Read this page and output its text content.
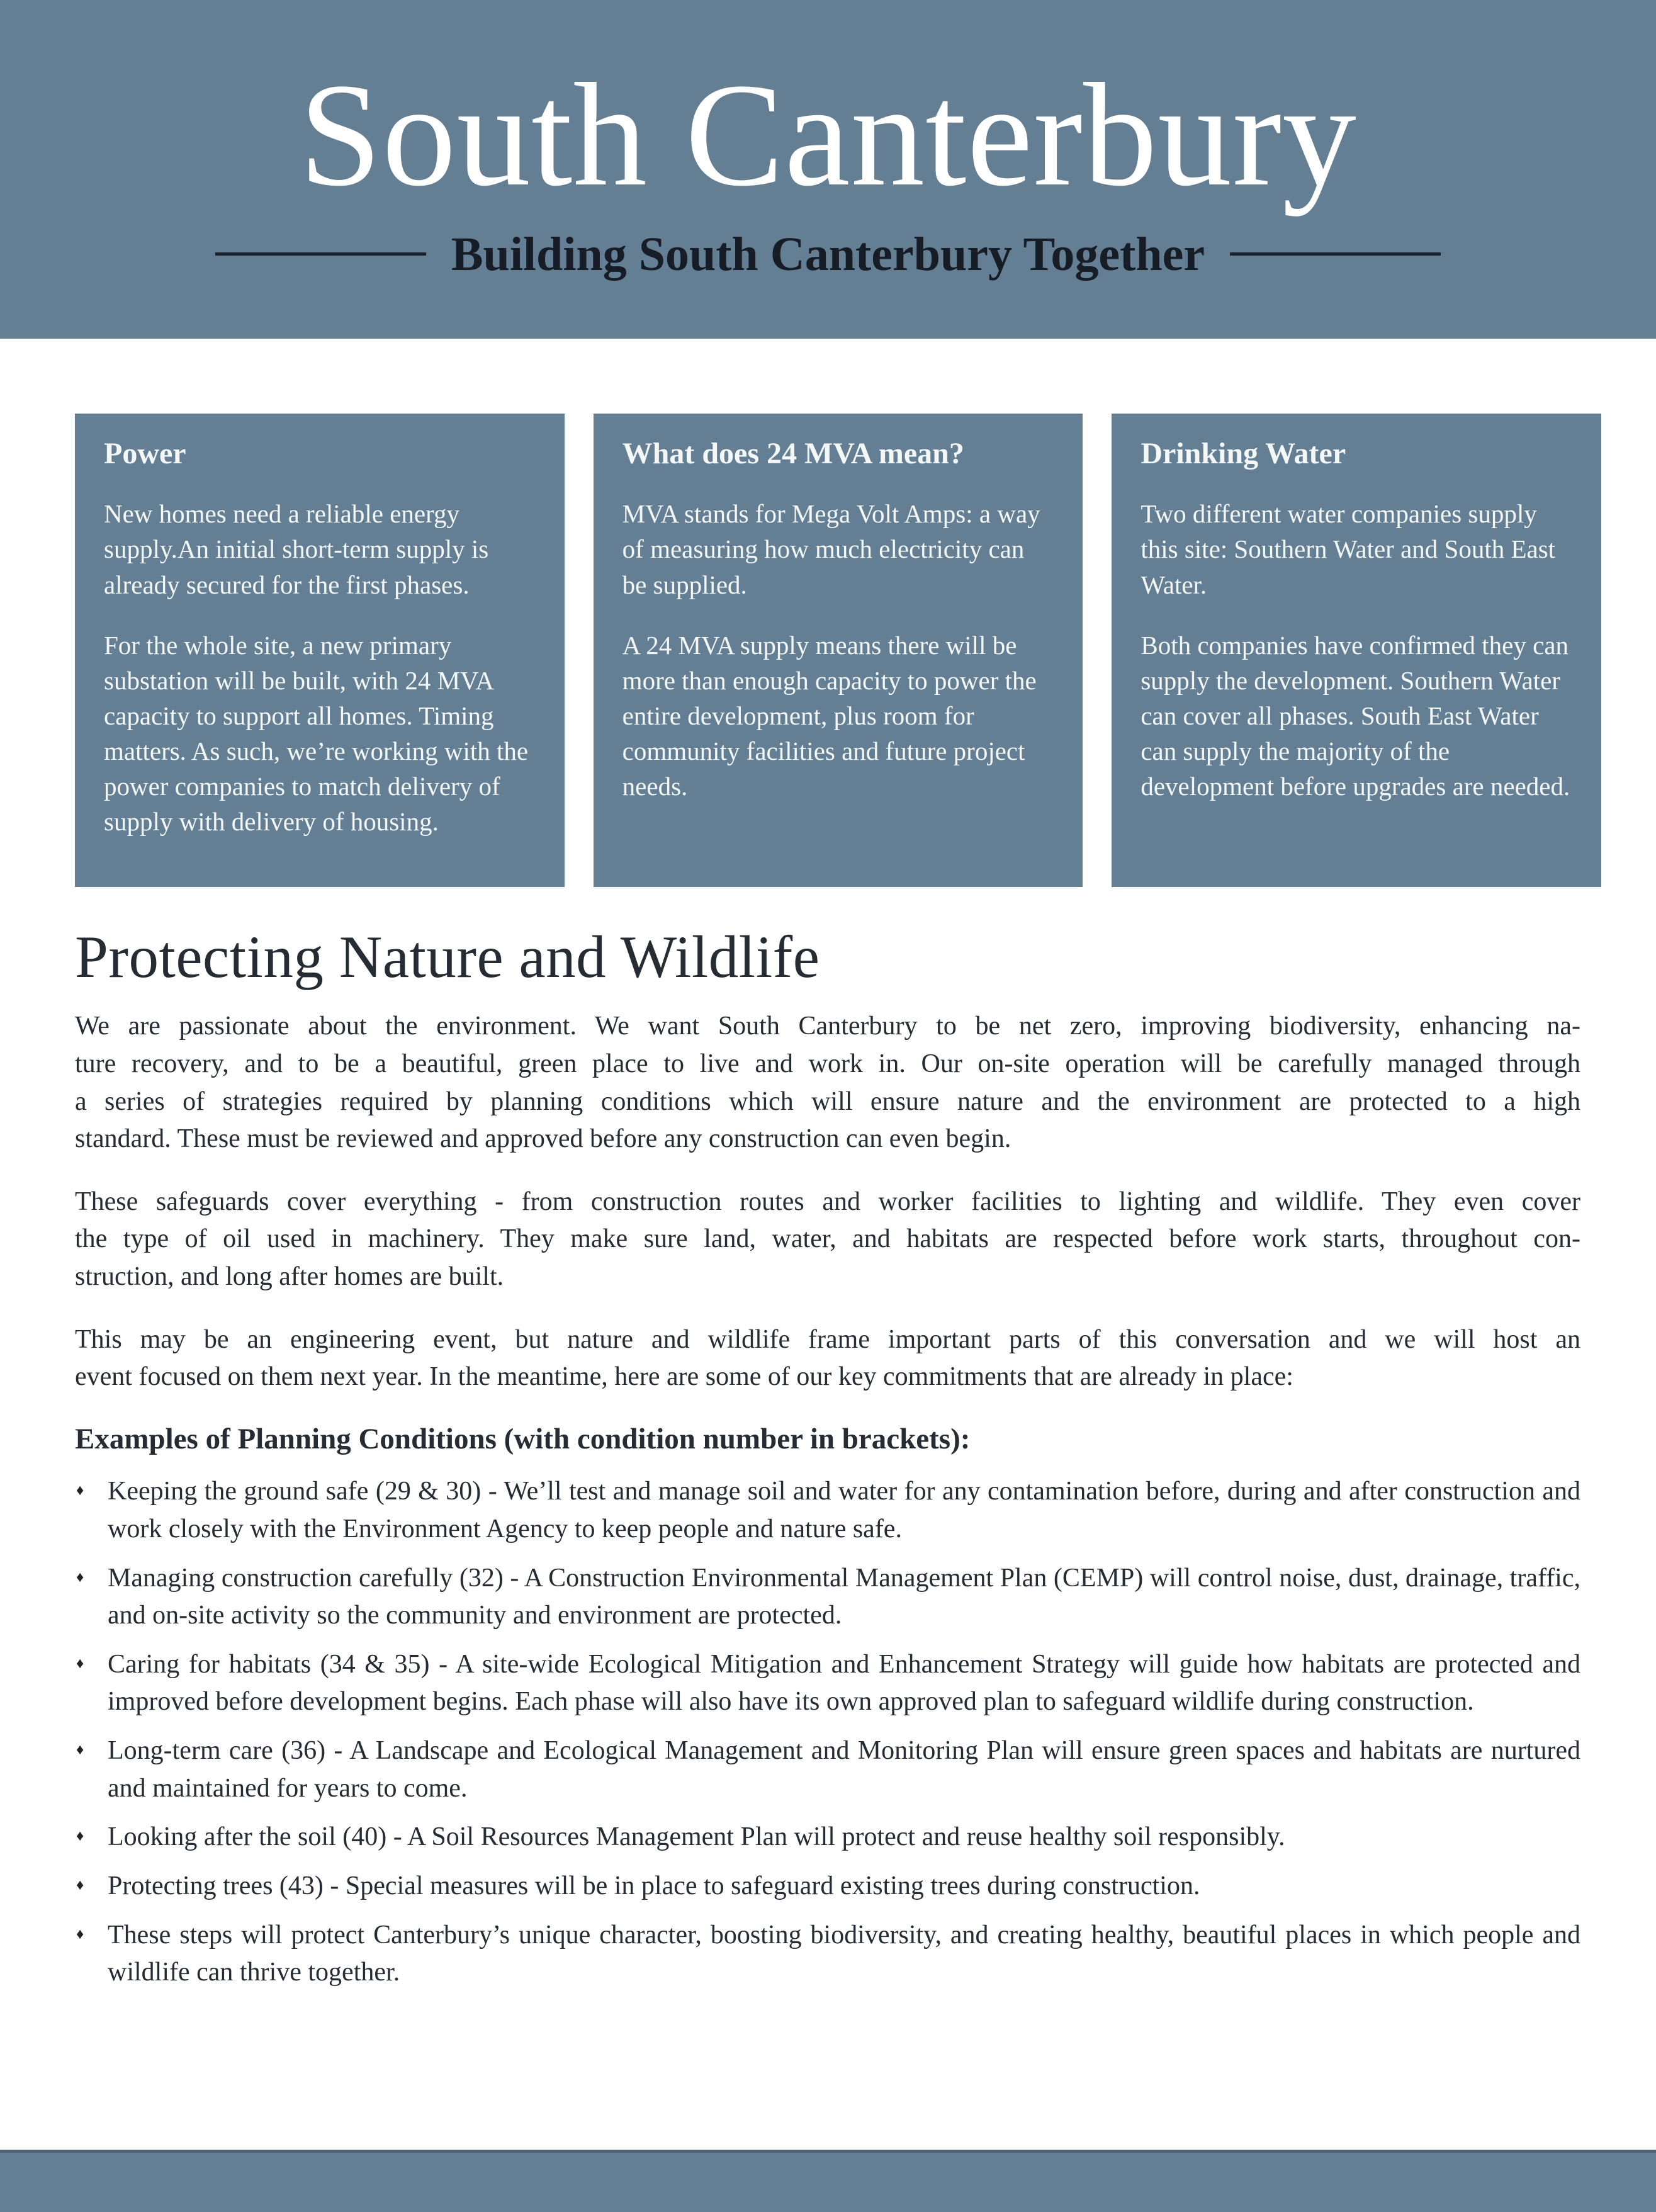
South Canterbury
Building South Canterbury Together
Power

New homes need a reliable energy supply.An initial short-term supply is already secured for the first phases.

For the whole site, a new primary substation will be built, with 24 MVA capacity to support all homes. Timing matters. As such, we’re working with the power companies to match delivery of supply with delivery of housing.

What does 24 MVA mean?

MVA stands for Mega Volt Amps: a way of measuring how much electricity can be supplied.

A 24 MVA supply means there will be more than enough capacity to power the entire development, plus room for community facilities and future project needs.

Drinking Water

Two different water companies supply this site: Southern Water and South East Water.

Both companies have confirmed they can supply the development. Southern Water can cover all phases. South East Water can supply the majority of the development before upgrades are needed.

Protecting Nature and Wildlife
We are passionate about the environment. We want South Canterbury to be net zero, improving biodiversity, enhancing na-
ture recovery, and to be a beautiful, green place to live and work in. Our on-site operation will be carefully managed through
a series of strategies required by planning conditions which will ensure nature and the environment are protected to a high
standard. These must be reviewed and approved before any construction can even begin.
These safeguards cover everything - from construction routes and worker facilities to lighting and wildlife. They even cover
the type of oil used in machinery. They make sure land, water, and habitats are respected before work starts, throughout con-
struction, and long after homes are built.
This may be an engineering event, but nature and wildlife frame important parts of this conversation and we will host an
event focused on them next year. In the meantime, here are some of our key commitments that are already in place:
Examples of Planning Conditions (with condition number in brackets):
♦ Keeping the ground safe (29 & 30) - We’ll test and manage soil and water for any contamination before, during and after construction and work closely with the Environment Agency to keep people and nature safe.
♦ Managing construction carefully (32) - A Construction Environmental Management Plan (CEMP) will control noise, dust, drainage, traffic, and on-site activity so the community and environment are protected.
♦ Caring for habitats (34 & 35) - A site-wide Ecological Mitigation and Enhancement Strategy will guide how habitats are protected and improved before development begins. Each phase will also have its own approved plan to safeguard wildlife during construction.
♦ Long-term care (36) - A Landscape and Ecological Management and Monitoring Plan will ensure green spaces and habitats are nurtured and maintained for years to come.
♦ Looking after the soil (40) - A Soil Resources Management Plan will protect and reuse healthy soil responsibly.
♦ Protecting trees (43) - Special measures will be in place to safeguard existing trees during construction.
♦ These steps will protect Canterbury’s unique character, boosting biodiversity, and creating healthy, beautiful places in which people and wildlife can thrive together.
